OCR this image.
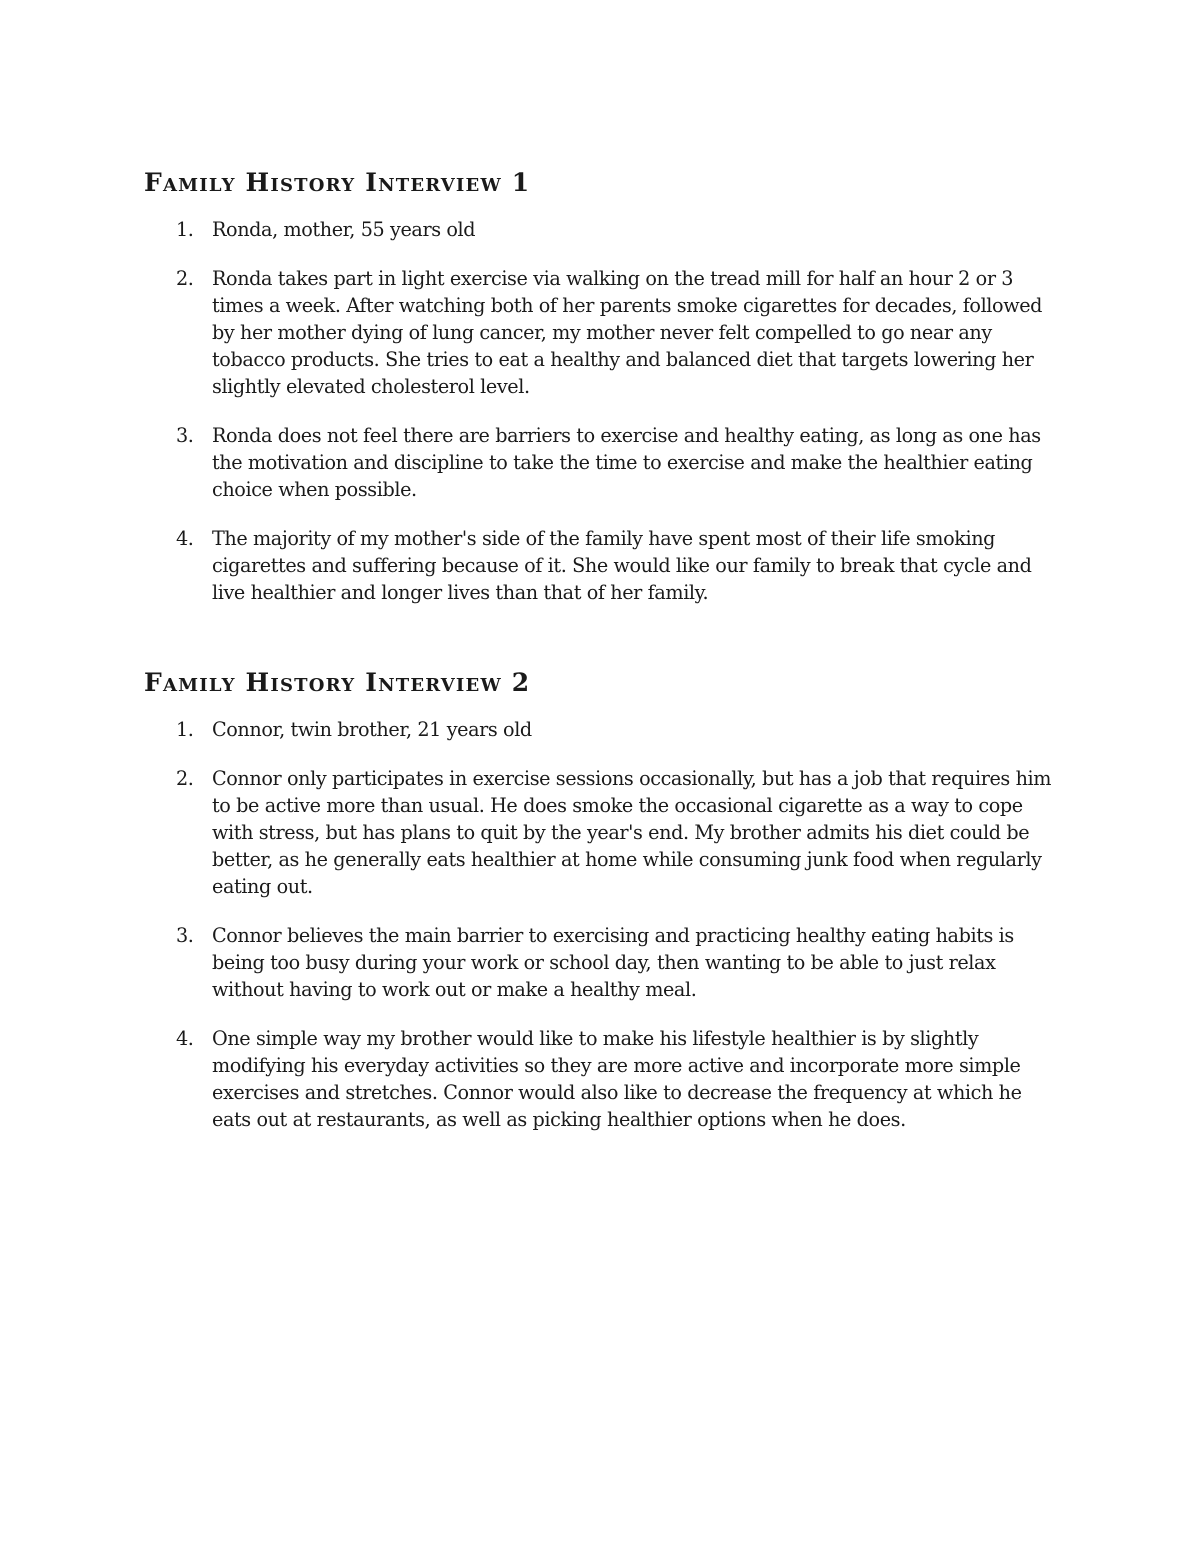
Family History Interview 1
1. Ronda, mother, 55 years old
2. Ronda takes part in light exercise via walking on the tread mill for half an hour 2 or 3 times a week. After watching both of her parents smoke cigarettes for decades, followed by her mother dying of lung cancer, my mother never felt compelled to go near any tobacco products. She tries to eat a healthy and balanced diet that targets lowering her slightly elevated cholesterol level.
3. Ronda does not feel there are barriers to exercise and healthy eating, as long as one has the motivation and discipline to take the time to exercise and make the healthier eating choice when possible.
4. The majority of my mother's side of the family have spent most of their life smoking cigarettes and suffering because of it. She would like our family to break that cycle and live healthier and longer lives than that of her family.
Family History Interview 2
1. Connor, twin brother, 21 years old
2. Connor only participates in exercise sessions occasionally, but has a job that requires him to be active more than usual. He does smoke the occasional cigarette as a way to cope with stress, but has plans to quit by the year's end. My brother admits his diet could be better, as he generally eats healthier at home while consuming junk food when regularly eating out.
3. Connor believes the main barrier to exercising and practicing healthy eating habits is being too busy during your work or school day, then wanting to be able to just relax without having to work out or make a healthy meal.
4. One simple way my brother would like to make his lifestyle healthier is by slightly modifying his everyday activities so they are more active and incorporate more simple exercises and stretches. Connor would also like to decrease the frequency at which he eats out at restaurants, as well as picking healthier options when he does.
